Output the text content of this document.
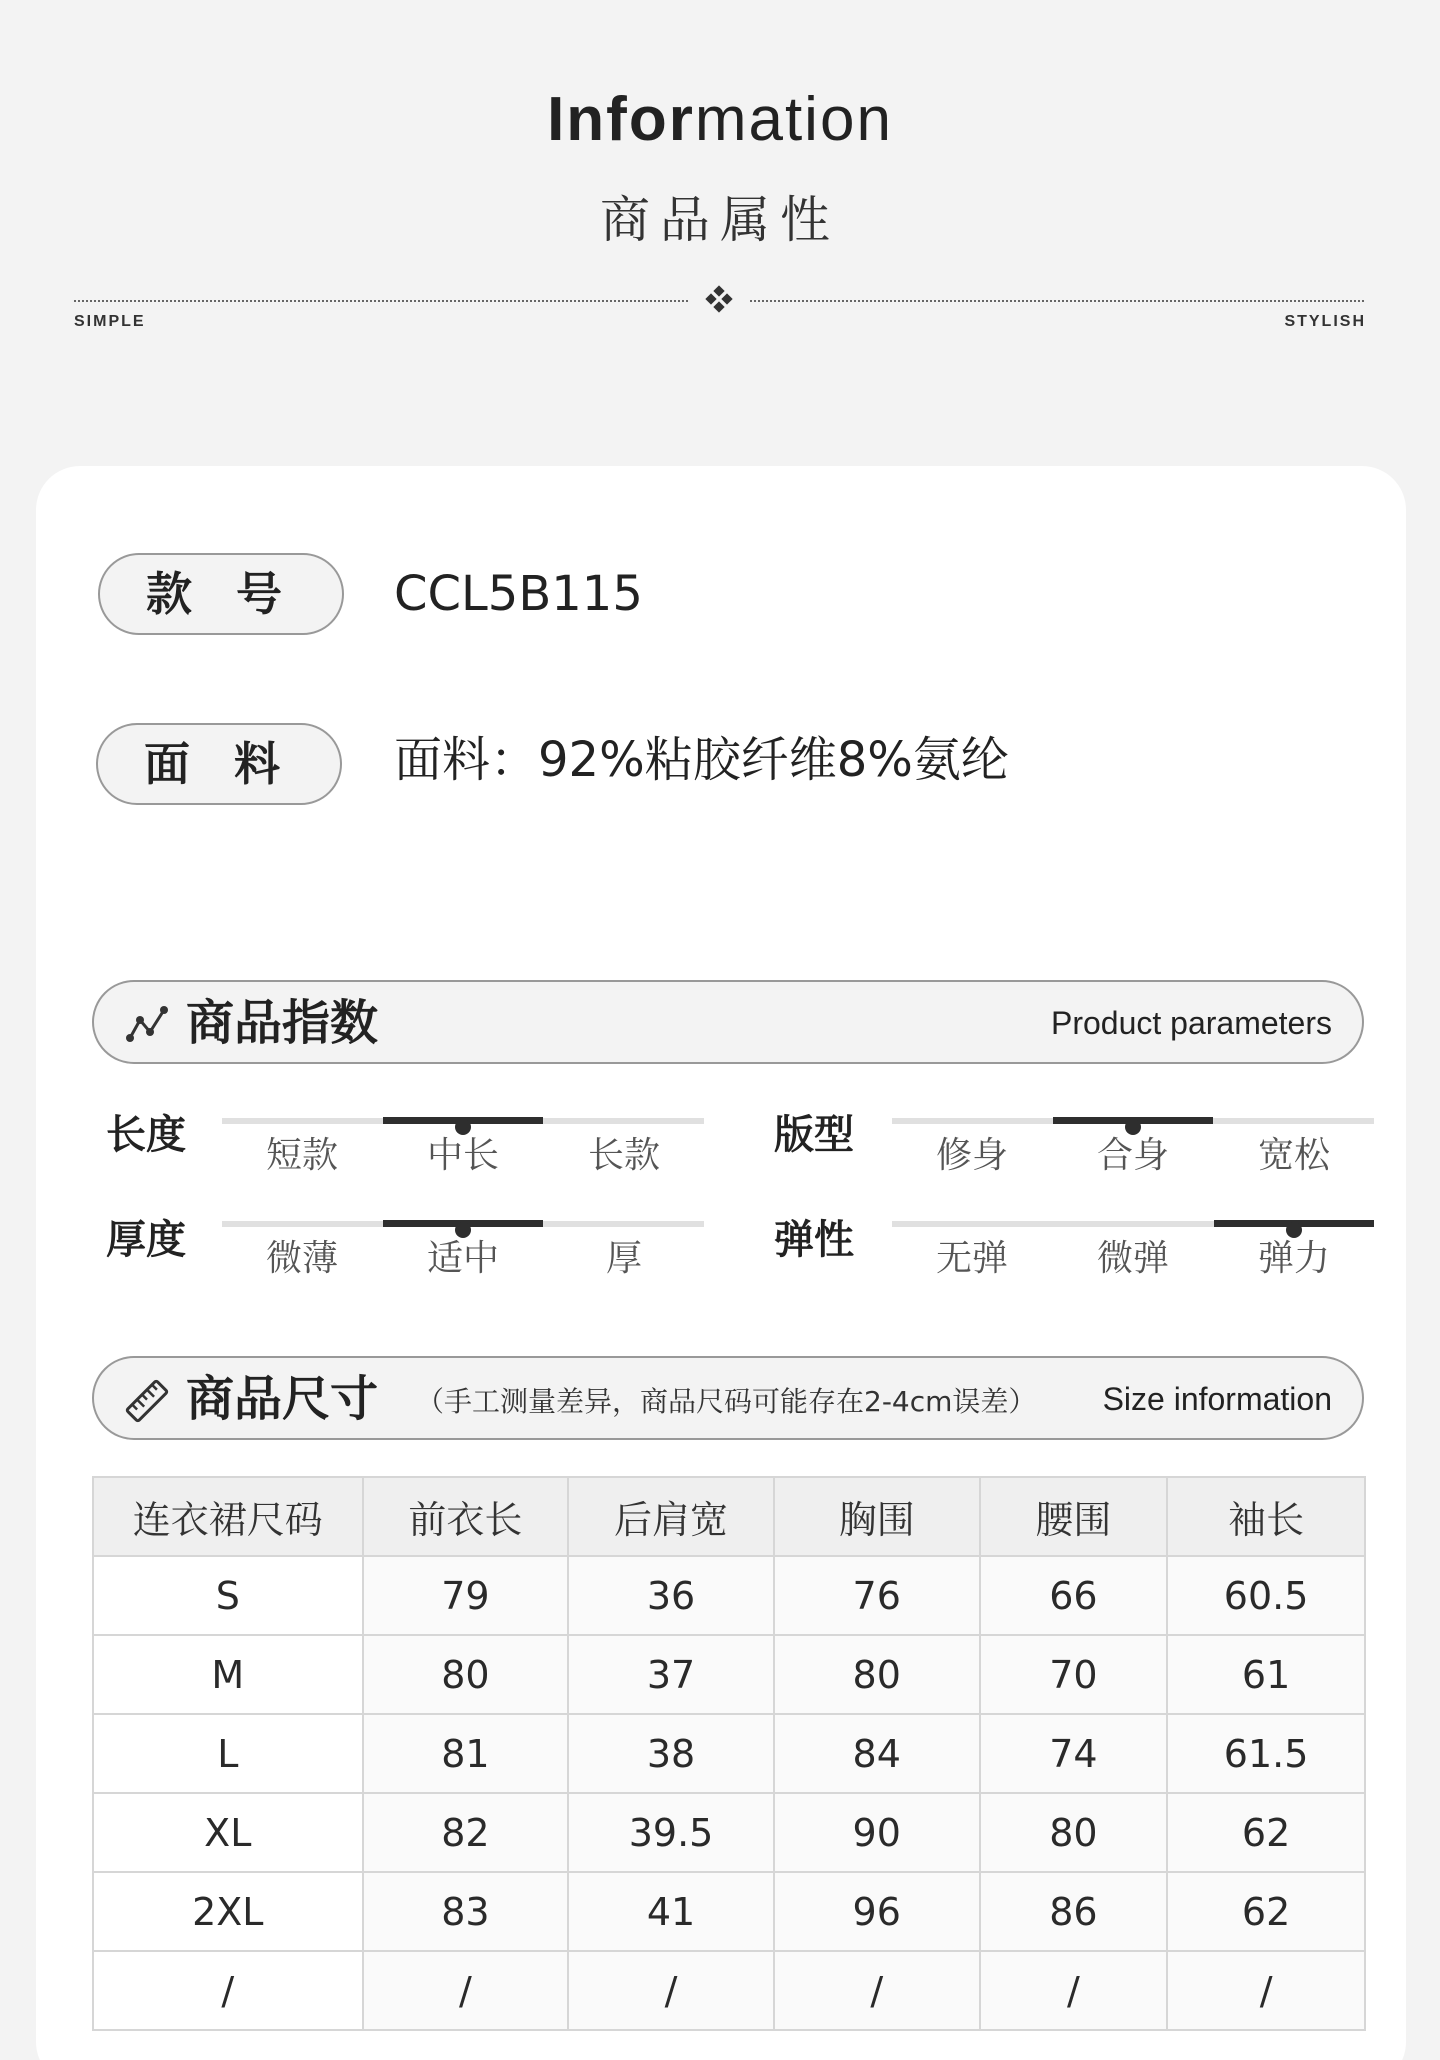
Information
商品属性
SIMPLE	STYLISH
款 号	CCL5B115
面 料	面料：92%粘胶纤维8%氨纶
商品指数	Product parameters
长度	短款	中长	长款	版型	修身	合身	宽松
厚度	微薄	适中	厚	弹性	无弹	微弹	弹力
商品尺寸 （手工测量差异，商品尺码可能存在2-4cm误差） Size information
连衣裙尺码	前衣长	后肩宽	胸围	腰围	袖长
S	79	36	76	66	60.5
M	80	37	80	70	61
L	81	38	84	74	61.5
XL	82	39.5	90	80	62
2XL	83	41	96	86	62
/	/	/	/	/	/
